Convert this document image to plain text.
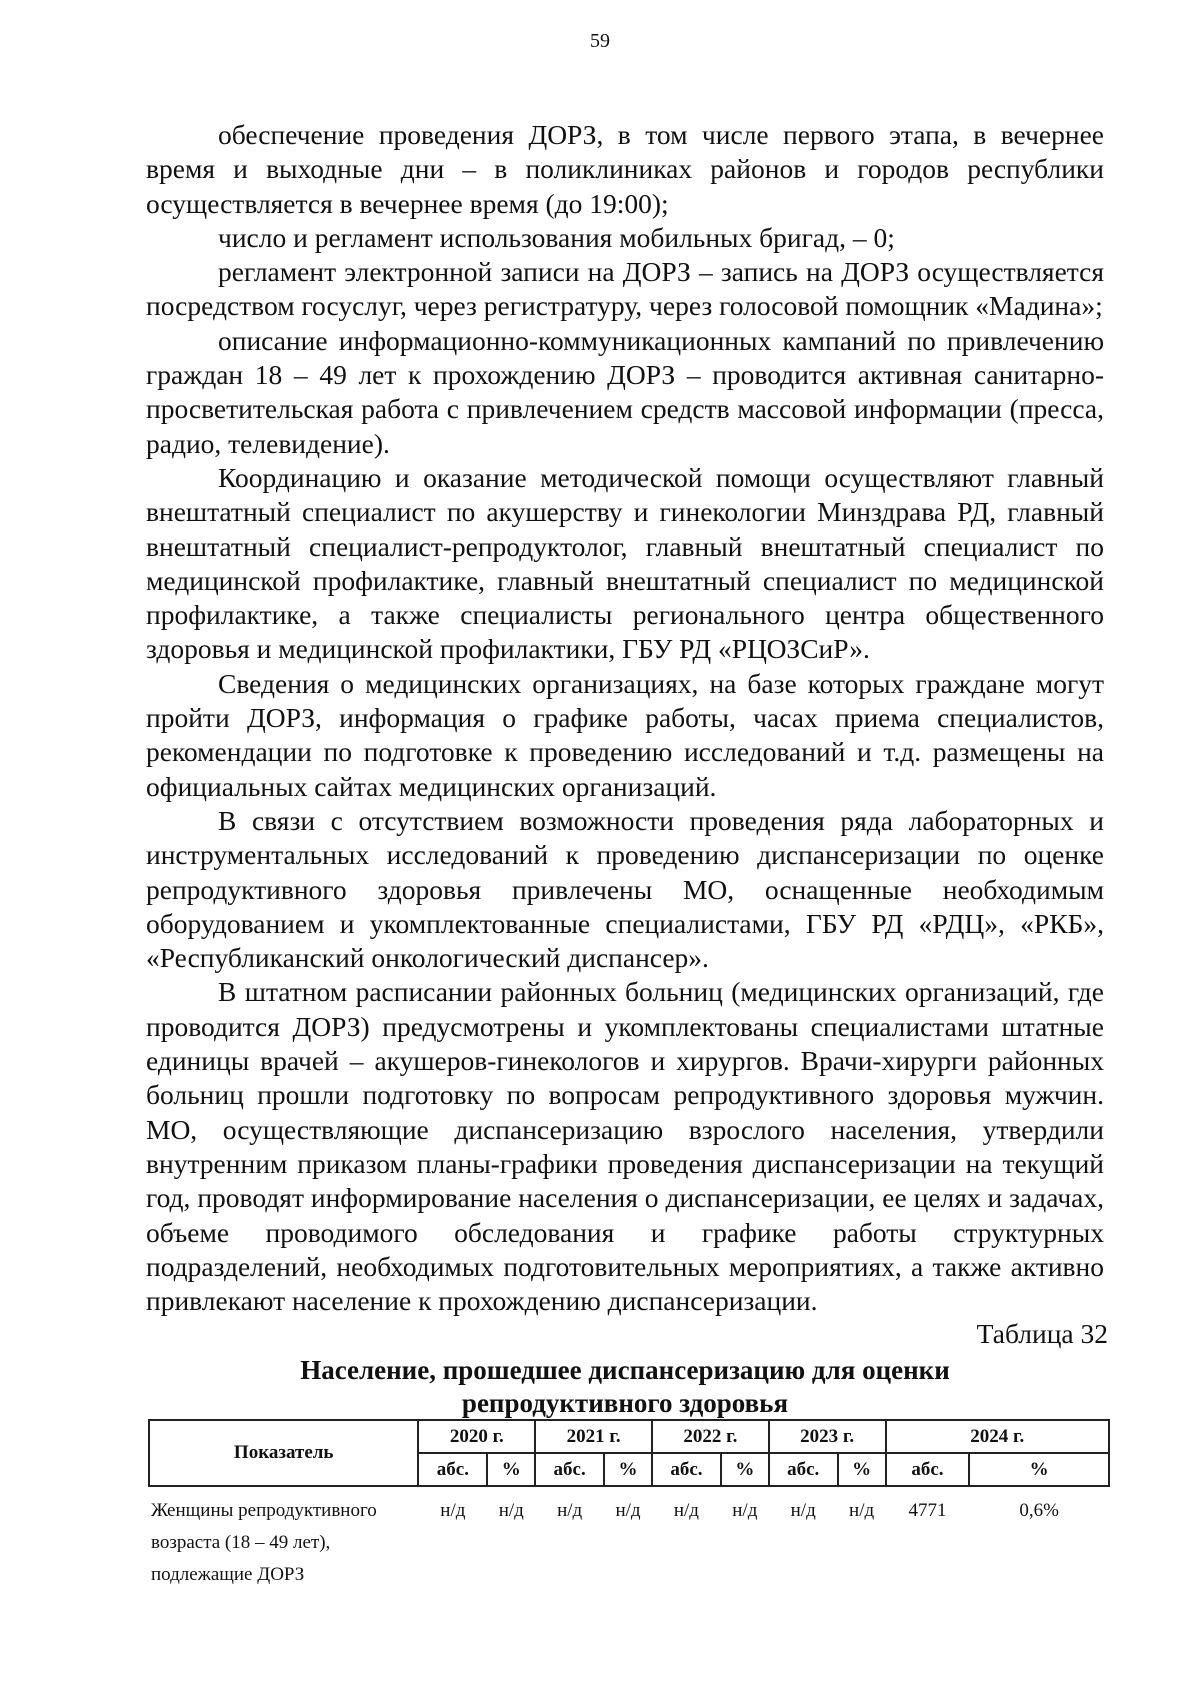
59

обеспечение проведения ДОРЗ, в том числе первого этапа, в вечернее время и выходные дни – в поликлиниках районов и городов республики осуществляется в вечернее время (до 19:00);

число и регламент использования мобильных бригад, – 0;

регламент электронной записи на ДОРЗ – запись на ДОРЗ осуществляется посредством госуслуг, через регистратуру, через голосовой помощник «Мадина»;

описание информационно-коммуникационных кампаний по привлечению граждан 18 – 49 лет к прохождению ДОРЗ – проводится активная санитарно-просветительская работа с привлечением средств массовой информации (пресса, радио, телевидение).

Координацию и оказание методической помощи осуществляют главный внештатный специалист по акушерству и гинекологии Минздрава РД, главный внештатный специалист-репродуктолог, главный внештатный специалист по медицинской профилактике, главный внештатный специалист по медицинской профилактике, а также специалисты регионального центра общественного здоровья и медицинской профилактики, ГБУ РД «РЦОЗСиР».

Сведения о медицинских организациях, на базе которых граждане могут пройти ДОРЗ, информация о графике работы, часах приема специалистов, рекомендации по подготовке к проведению исследований и т.д. размещены на официальных сайтах медицинских организаций.

В связи с отсутствием возможности проведения ряда лабораторных и инструментальных исследований к проведению диспансеризации по оценке репродуктивного здоровья привлечены МО, оснащенные необходимым оборудованием и укомплектованные специалистами, ГБУ РД «РДЦ», «РКБ», «Республиканский онкологический диспансер».

В штатном расписании районных больниц (медицинских организаций, где проводится ДОРЗ) предусмотрены и укомплектованы специалистами штатные единицы врачей – акушеров-гинекологов и хирургов. Врачи-хирурги районных больниц прошли подготовку по вопросам репродуктивного здоровья мужчин. МО, осуществляющие диспансеризацию взрослого населения, утвердили внутренним приказом планы-графики проведения диспансеризации на текущий год, проводят информирование населения о диспансеризации, ее целях и задачах, объеме проводимого обследования и графике работы структурных подразделений, необходимых подготовительных мероприятиях, а также активно привлекают население к прохождению диспансеризации.

Таблица 32
Население, прошедшее диспансеризацию для оценки
репродуктивного здоровья
Показатель	2020 г.		2021 г.		2022 г.		2023 г.		2024 г.	
	абс.	%	абс.	%	абс.	%	абс.	%	абс.	%
Женщины репродуктивного возраста (18 – 49 лет), подлежащие ДОРЗ	н/д	н/д	н/д	н/д	н/д	н/д	н/д	н/д	4771	0,6%
